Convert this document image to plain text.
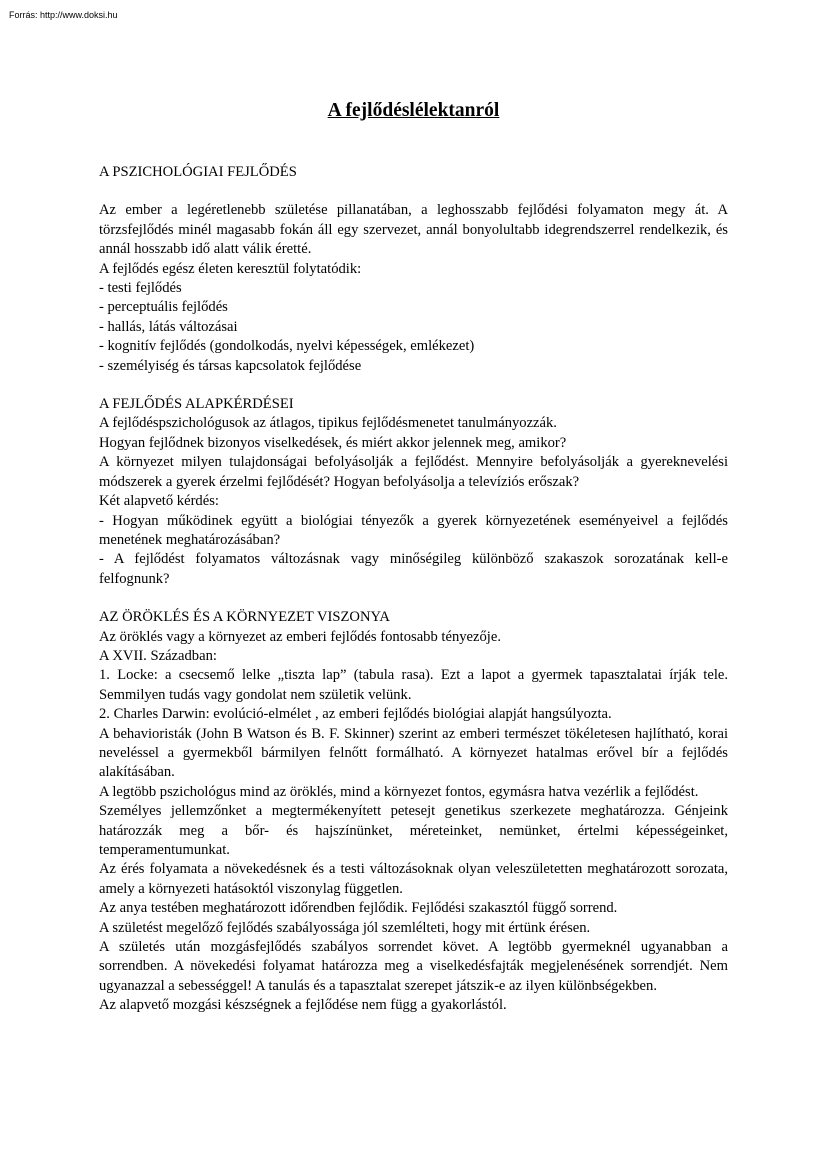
Forrás: http://www.doksi.hu
A fejlődéslélektanról

A PSZICHOLÓGIAI FEJLŐDÉS

Az ember a legéretlenebb születése pillanatában, a leghosszabb fejlődési folyamaton megy át. A törzsfejlődés minél magasabb fokán áll egy szervezet, annál bonyolultabb idegrendszerrel rendelkezik, és annál hosszabb idő alatt válik éretté.

A fejlődés egész életen keresztül folytatódik:

- testi fejlődés

- perceptuális fejlődés

- hallás, látás változásai

- kognitív fejlődés (gondolkodás, nyelvi képességek, emlékezet)

- személyiség és társas kapcsolatok fejlődése

A FEJLŐDÉS ALAPKÉRDÉSEI

A fejlődéspszichológusok az átlagos, tipikus fejlődésmenetet tanulmányozzák.

Hogyan fejlődnek bizonyos viselkedések, és miért akkor jelennek meg, amikor?

A környezet milyen tulajdonságai befolyásolják a fejlődést. Mennyire befolyásolják a gyereknevelési módszerek a gyerek érzelmi fejlődését? Hogyan befolyásolja a televíziós erőszak?

Két alapvető kérdés:

- Hogyan működinek együtt a biológiai tényezők a gyerek környezetének eseményeivel a fejlődés menetének meghatározásában?

- A fejlődést folyamatos változásnak vagy minőségileg különböző szakaszok sorozatának kell-e felfognunk?

AZ ÖRÖKLÉS ÉS A KÖRNYEZET VISZONYA

Az öröklés vagy a környezet az emberi fejlődés fontosabb tényezője.

A XVII. Században:

1. Locke: a csecsemő lelke „tiszta lap” (tabula rasa). Ezt a lapot a gyermek tapasztalatai írják tele. Semmilyen tudás vagy gondolat nem születik velünk.

2. Charles Darwin: evolúció-elmélet , az emberi fejlődés biológiai alapját hangsúlyozta.

A behavioristák (John B Watson és B. F. Skinner) szerint az emberi természet tökéletesen hajlítható, korai neveléssel a gyermekből bármilyen felnőtt formálható. A környezet hatalmas erővel bír a fejlődés alakításában.

A legtöbb pszichológus mind az öröklés, mind a környezet fontos, egymásra hatva vezérlik a fejlődést.

Személyes jellemzőnket a megtermékenyített petesejt genetikus szerkezete meghatározza. Génjeink határozzák meg a bőr- és hajszínünket, méreteinket, nemünket, értelmi képességeinket, temperamentumunkat.

Az érés folyamata a növekedésnek és a testi változásoknak olyan veleszületetten meghatározott sorozata, amely a környezeti hatásoktól viszonylag független.

Az anya testében meghatározott időrendben fejlődik. Fejlődési szakasztól függő sorrend.

A születést megelőző fejlődés szabályossága jól szemlélteti, hogy mit értünk érésen.

A születés után mozgásfejlődés szabályos sorrendet követ. A legtöbb gyermeknél ugyanabban a sorrendben. A növekedési folyamat határozza meg a viselkedésfajták megjelenésének sorrendjét. Nem ugyanazzal a sebességgel! A tanulás és a tapasztalat szerepet játszik-e az ilyen különbségekben.

Az alapvető mozgási készségnek a fejlődése nem függ a gyakorlástól.
